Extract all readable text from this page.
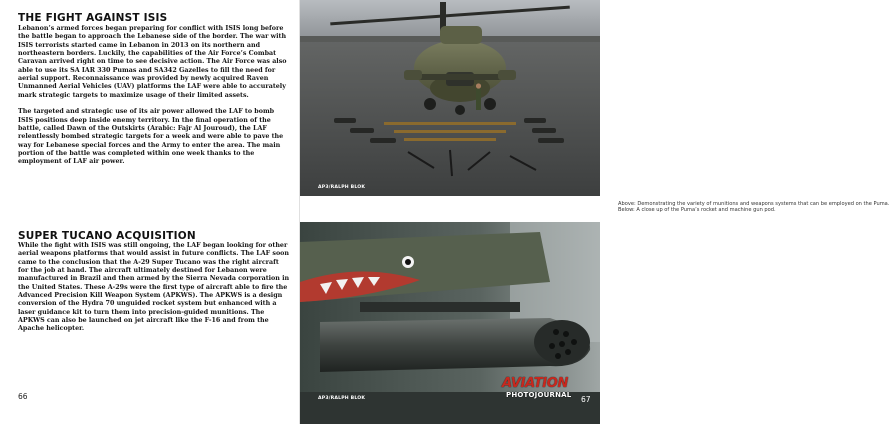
THE FIGHT AGAINST ISIS

Lebanon’s armed forces began preparing for conflict with ISIS long before the battle began to approach the Lebanese side of the border. The war with ISIS terrorists started came in Lebanon in 2013 on its northern and northeastern borders. Luckily, the capabilities of the Air Force’s Combat Caravan arrived right on time to see decisive action. The Air Force was also able to use its SA IAR 330 Pumas and SA342 Gazelles to fill the need for aerial support. Reconnaissance was provided by newly acquired Raven Unmanned Aerial Vehicles (UAV) platforms the LAF were able to accurately mark strategic targets to maximize usage of their limited assets.

The targeted and strategic use of its air power allowed the LAF to bomb ISIS positions deep inside enemy territory. In the final operation of the battle, called Dawn of the Outskirts (Arabic: Fajr Al Jouroud), the LAF relentlessly bombed strategic targets for a week and were able to pave the way for Lebanese special forces and the Army to enter the area. The main portion of the battle was completed within one week thanks to the employment of LAF air power.

SUPER TUCANO ACQUISITION

While the fight with ISIS was still ongoing, the LAF began looking for other aerial weapons platforms that would assist in future conflicts. The LAF soon came to the conclusion that the A-29 Super Tucano was the right aircraft for the job at hand. The aircraft ultimately destined for Lebanon were manufactured in Brazil and then armed by the Sierra Nevada corporation in the United States. These A-29s were the first type of aircraft able to fire the Advanced Precision Kill Weapon System (APKWS). The APKWS is a design conversion of the Hydra 70 unguided rocket system but enhanced with a laser guidance kit to turn them into precision-guided munitions. The APKWS can also be launched on jet aircraft like the F-16 and from the Apache helicopter.

66
AP3/RALPH BLOK
Above: Demonstrating the variety of munitions and weapons systems that can be employed on the Puma.
Below: A close up of the Puma’s rocket and machine gun pod.
AP3/RALPH BLOK
AVIATION
PHOTOJOURNAL 67
